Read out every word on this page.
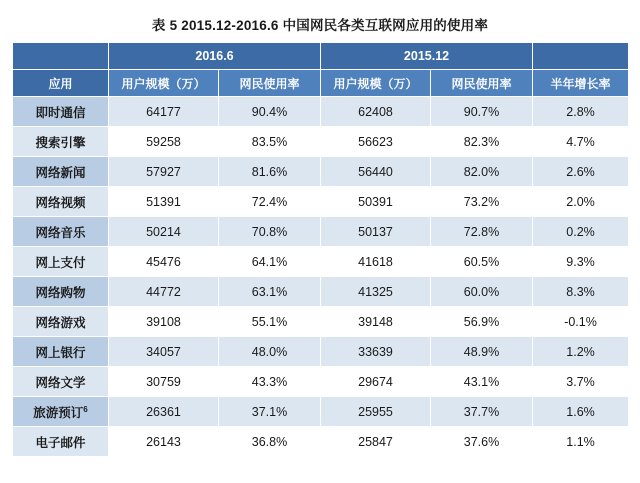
表 5 2015.12-2016.6 中国网民各类互联网应用的使用率
	2016.6		2015.12		
应用	用户规模（万）	网民使用率	用户规模（万）	网民使用率	半年增长率
即时通信	64177	90.4%	62408	90.7%	2.8%
搜索引擎	59258	83.5%	56623	82.3%	4.7%
网络新闻	57927	81.6%	56440	82.0%	2.6%
网络视频	51391	72.4%	50391	73.2%	2.0%
网络音乐	50214	70.8%	50137	72.8%	0.2%
网上支付	45476	64.1%	41618	60.5%	9.3%
网络购物	44772	63.1%	41325	60.0%	8.3%
网络游戏	39108	55.1%	39148	56.9%	-0.1%
网上银行	34057	48.0%	33639	48.9%	1.2%
网络文学	30759	43.3%	29674	43.1%	3.7%
旅游预订$^6$	26361	37.1%	25955	37.7%	1.6%
电子邮件	26143	36.8%	25847	37.6%	1.1%
